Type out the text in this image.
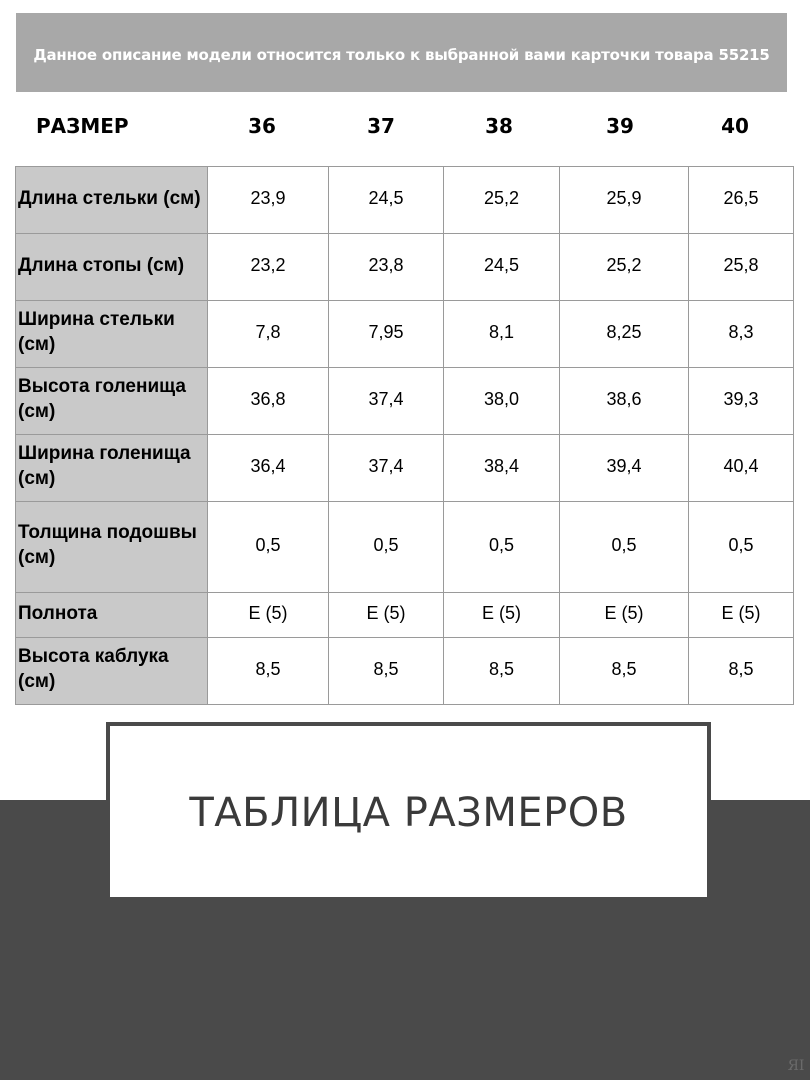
Данное описание модели относится только к выбранной вами карточки товара 55215
РАЗМЕР	36	37	38	39	40
Длина стельки (см)	23,9	24,5	25,2	25,9	26,5
Длина стопы (см)	23,2	23,8	24,5	25,2	25,8
Ширина стельки (см)	7,8	7,95	8,1	8,25	8,3
Высота голенища (см)	36,8	37,4	38,0	38,6	39,3
Ширина голенища (см)	36,4	37,4	38,4	39,4	40,4
Толщина подошвы (см)	0,5	0,5	0,5	0,5	0,5
Полнота	E (5)	E (5)	E (5)	E (5)	E (5)
Высота каблука (см)	8,5	8,5	8,5	8,5	8,5
ТАБЛИЦА РАЗМЕРОВ
ЯI
